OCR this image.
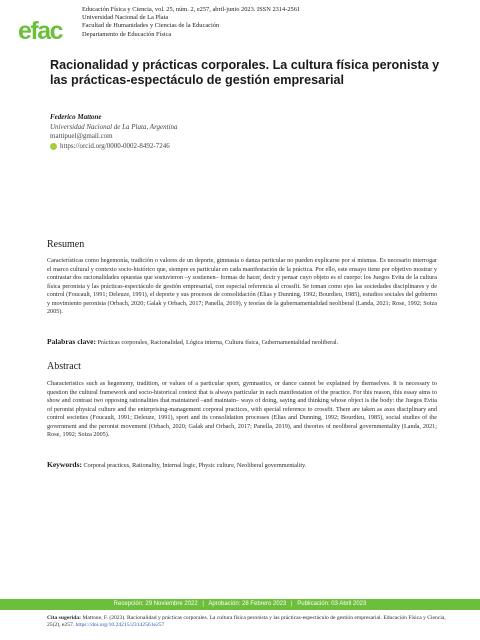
efac
Educación Física y Ciencia, vol. 25, núm. 2, e257, abril-junio 2023. ISSN 2314-2561
Universidad Nacional de La Plata
Facultad de Humanidades y Ciencias de la Educación
Departamento de Educación Física
Racionalidad y prácticas corporales. La cultura física peronista y las prácticas-espectáculo de gestión empresarial
Federico Mattone
Universidad Nacional de La Plata, Argentina
mattipuel@gmail.com
https://orcid.org/0000-0002-8492-7246
Resumen
Características como hegemonía, tradición o valores de un deporte, gimnasia o danza particular no pueden explicarse por sí mismas. Es necesario interrogar el marco cultural y contexto socio-histórico que, siempre es particular en cada manifestación de la práctica. Por ello, este ensayo tiene por objetivo mostrar y contrastar dos racionalidades opuestas que sostuvieron –y sostienen– formas de hacer, decir y pensar cuyo objeto es el cuerpo: los Juegos Evita de la cultura física peronista y las prácticas-espectáculo de gestión empresarial, con especial referencia al crossfit. Se toman como ejes las sociedades disciplinares y de control (Foucault, 1991; Deleuze, 1991), el deporte y sus procesos de consolidación (Elias y Dunning, 1992; Bourdieu, 1985), estudios sociales del gobierno y movimiento peronista (Orbach, 2020; Galak y Orbach, 2017; Panella, 2019), y teorías de la gubernamentalidad neoliberal (Landa, 2021; Rose, 1992; Soiza 2005).
Palabras clave: Prácticas corporales, Racionalidad, Lógica interna, Cultura física, Gubernamentalidad neoliberal.
Abstract
Characteristics such as hegemony, tradition, or values of a particular sport, gymnastics, or dance cannot be explained by themselves. It is necessary to question the cultural framework and socio-historical context that is always particular in each manifestation of the practice. For this reason, this essay aims to show and contrast two opposing rationalities that maintained –and maintain– ways of doing, saying and thinking whose object is the body: the Juegos Evita of peronist physical culture and the enterprising-management corporal practices, with special reference to crossfit. There are taken as axes disciplinary and control societies (Foucault, 1991; Deleuze, 1991), sport and its consolidation processes (Elias and Dunning, 1992; Bourdieu, 1985), social studies of the government and the peronist movement (Orbach, 2020; Galak and Orbach, 2017; Panella, 2019), and theories of neoliberal governmentality (Landa, 2021; Rose, 1992; Soiza 2005).
Keywords: Corporal practices, Rationality, Internal logic, Physic culture, Neoliberal governmentality.
Recepción: 29 Noviembre 2022 | Aprobación: 28 Febrero 2023 | Publicación: 03 Abril 2023
Cita sugerida: Mattone, F. (2023). Racionalidad y prácticas corporales. La cultura física peronista y las prácticas-espectáculo de gestión empresarial. Educación Física y Ciencia, 25(2), e257. https://doi.org/10.24215/23142561e257
